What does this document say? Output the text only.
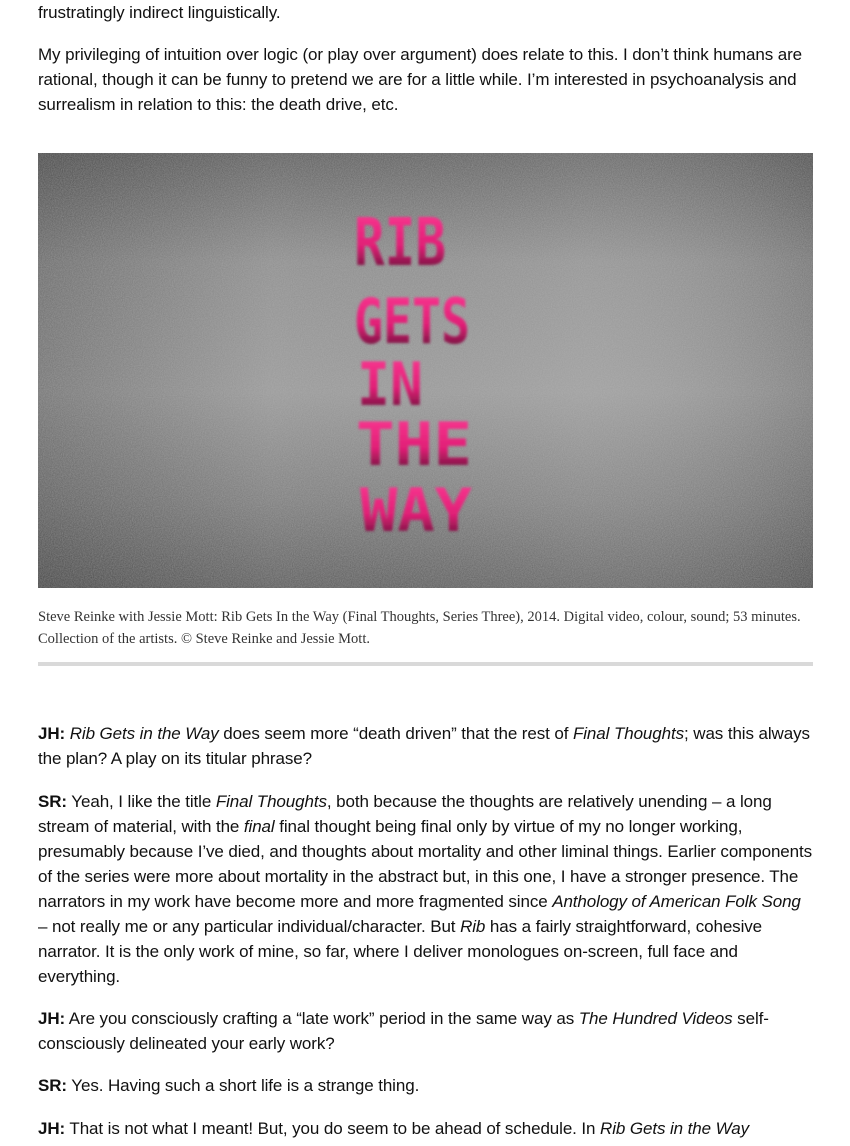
frustratingly indirect linguistically.

My privileging of intuition over logic (or play over argument) does relate to this. I don’t think humans are rational, though it can be funny to pretend we are for a little while. I’m interested in psychoanalysis and surrealism in relation to this: the death drive, etc.

RIB
GETS
IN
THE
WAY

Steve Reinke with Jessie Mott: Rib Gets In the Way (Final Thoughts, Series Three), 2014. Digital video, colour, sound; 53 minutes. Collection of the artists. © Steve Reinke and Jessie Mott.

JH: Rib Gets in the Way does seem more “death driven” that the rest of Final Thoughts; was this always the plan? A play on its titular phrase?

SR: Yeah, I like the title Final Thoughts, both because the thoughts are relatively unending – a long stream of material, with the final final thought being final only by virtue of my no longer working, presumably because I’ve died, and thoughts about mortality and other liminal things. Earlier components of the series were more about mortality in the abstract but, in this one, I have a stronger presence. The narrators in my work have become more and more fragmented since Anthology of American Folk Song – not really me or any particular individual/character. But Rib has a fairly straightforward, cohesive narrator. It is the only work of mine, so far, where I deliver monologues on-screen, full face and everything.

JH: Are you consciously crafting a “late work” period in the same way as The Hundred Videos self-consciously delineated your early work?

SR: Yes. Having such a short life is a strange thing.

JH: That is not what I meant! But, you do seem to be ahead of schedule. In Rib Gets in the Way
